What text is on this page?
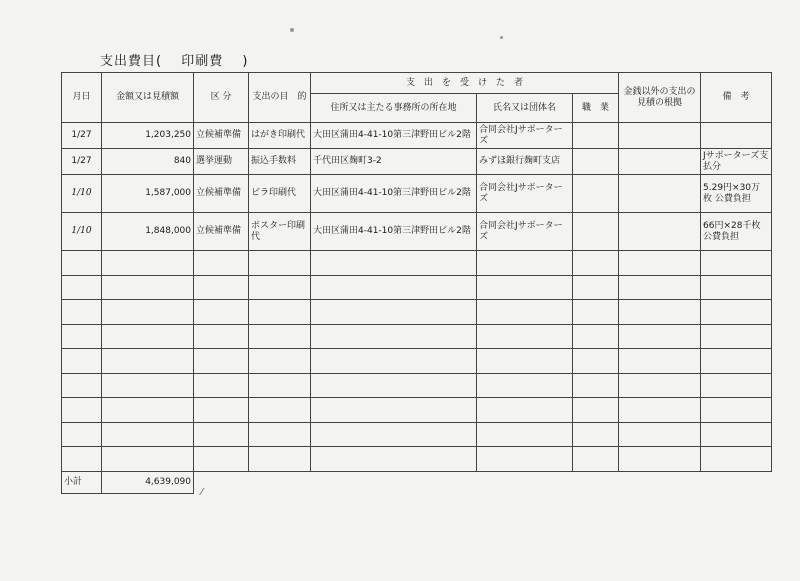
支出費目(　 印刷費　 )
月日	金額又は見積額	区 分	支出の目　的	支　出　を　受　け　た　者			金銭以外の支出の見積の根拠	備　考
				住所又は主たる事務所の所在地	氏名又は団体名	職　業		
1/27	1,203,250	立候補準備	はがき印刷代	大田区蒲田4-41-10第三津野田ビル2階	合同会社Jサポーターズ			
1/27	840	選挙運動	振込手数料	千代田区麹町3-2	みずほ銀行麹町支店			Jサポーターズ支払分
1/10	1,587,000	立候補準備	ビラ印刷代	大田区蒲田4-41-10第三津野田ビル2階	合同会社Jサポーターズ			5.29円×30万枚 公費負担
1/10	1,848,000	立候補準備	ポスター印刷代	大田区蒲田4-41-10第三津野田ビル2階	合同会社Jサポーターズ			66円×28千枚 公費負担

小計	4,639,090							
⁄
